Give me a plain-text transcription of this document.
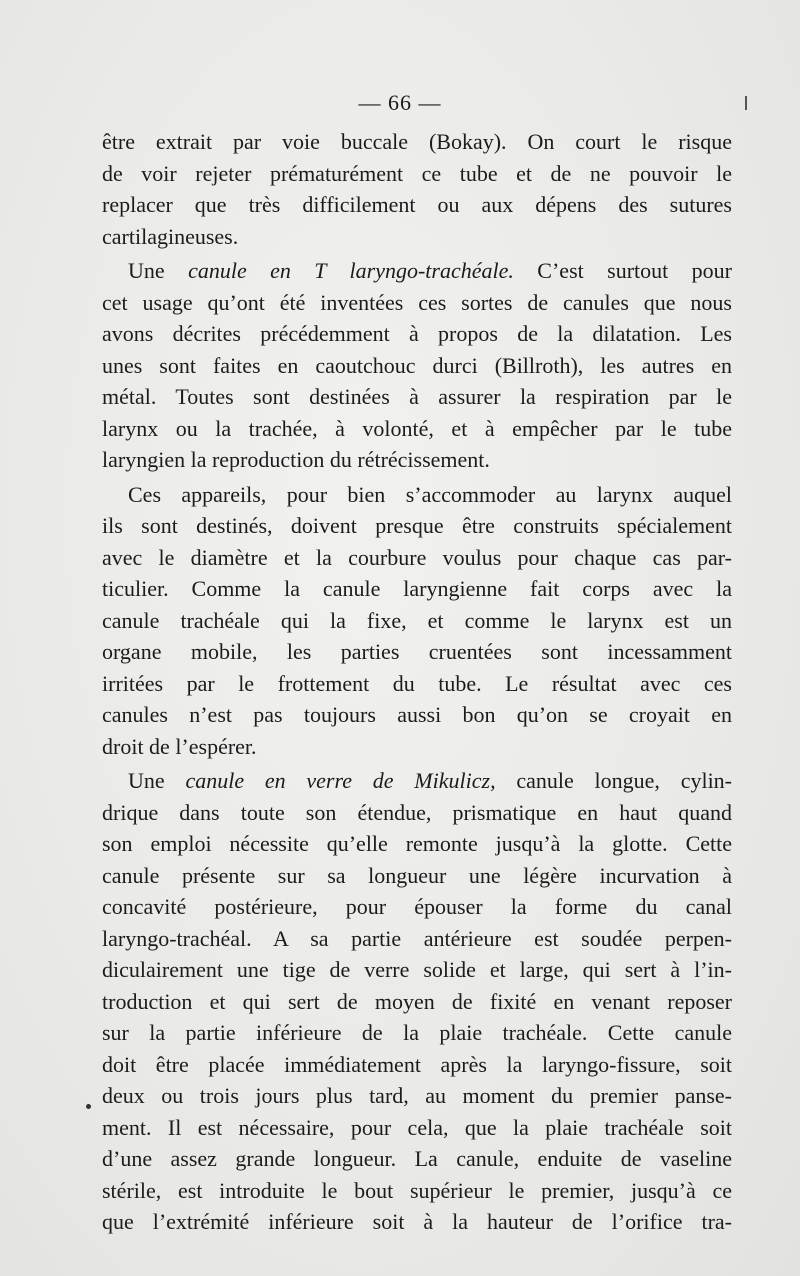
— 66 —
être extrait par voie buccale (Bokay). On court le risque
de voir rejeter prématurément ce tube et de ne pouvoir le
replacer que très difficilement ou aux dépens des sutures
cartilagineuses.
Une canule en T laryngo-trachéale. C’est surtout pour
cet usage qu’ont été inventées ces sortes de canules que nous
avons décrites précédemment à propos de la dilatation. Les
unes sont faites en caoutchouc durci (Billroth), les autres en
métal. Toutes sont destinées à assurer la respiration par le
larynx ou la trachée, à volonté, et à empêcher par le tube
laryngien la reproduction du rétrécissement.
Ces appareils, pour bien s’accommoder au larynx auquel
ils sont destinés, doivent presque être construits spécialement
avec le diamètre et la courbure voulus pour chaque cas par-
ticulier. Comme la canule laryngienne fait corps avec la
canule trachéale qui la fixe, et comme le larynx est un
organe mobile, les parties cruentées sont incessamment
irritées par le frottement du tube. Le résultat avec ces
canules n’est pas toujours aussi bon qu’on se croyait en
droit de l’espérer.
Une canule en verre de Mikulicz, canule longue, cylin-
drique dans toute son étendue, prismatique en haut quand
son emploi nécessite qu’elle remonte jusqu’à la glotte. Cette
canule présente sur sa longueur une légère incurvation à
concavité postérieure, pour épouser la forme du canal
laryngo-trachéal. A sa partie antérieure est soudée perpen-
diculairement une tige de verre solide et large, qui sert à l’in-
troduction et qui sert de moyen de fixité en venant reposer
sur la partie inférieure de la plaie trachéale. Cette canule
doit être placée immédiatement après la laryngo-fissure, soit
deux ou trois jours plus tard, au moment du premier panse-
ment. Il est nécessaire, pour cela, que la plaie trachéale soit
d’une assez grande longueur. La canule, enduite de vaseline
stérile, est introduite le bout supérieur le premier, jusqu’à ce
que l’extrémité inférieure soit à la hauteur de l’orifice tra-
